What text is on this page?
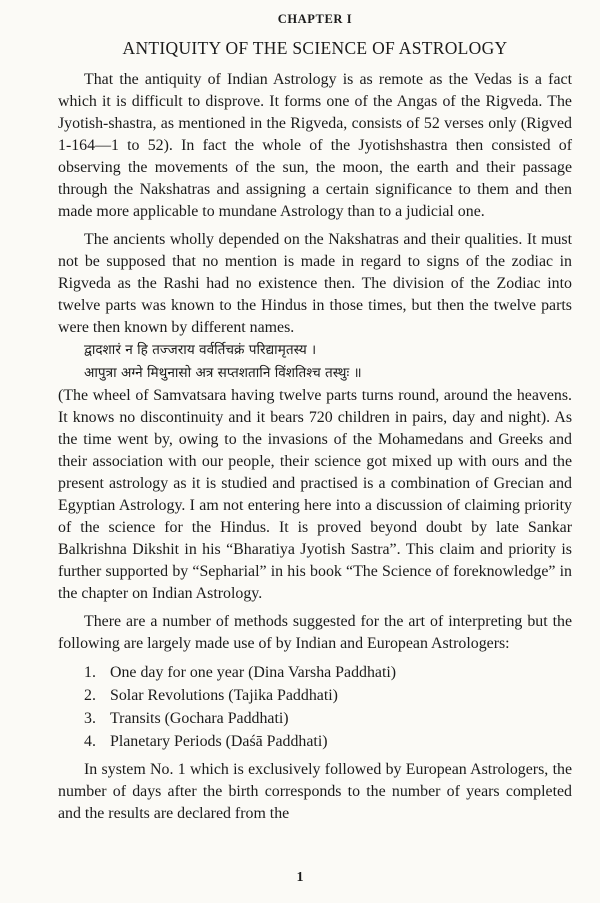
CHAPTER I
ANTIQUITY OF THE SCIENCE OF ASTROLOGY

That the antiquity of Indian Astrology is as remote as the Vedas is a fact which it is difficult to disprove. It forms one of the Angas of the Rigveda. The Jyotish-shastra, as mentioned in the Rigveda, consists of 52 verses only (Rigved 1-164—1 to 52). In fact the whole of the Jyotishshastra then consisted of observing the movements of the sun, the moon, the earth and their passage through the Nakshatras and assigning a certain significance to them and then made more applicable to mundane Astrology than to a judicial one.

The ancients wholly depended on the Nakshatras and their qualities. It must not be supposed that no mention is made in regard to signs of the zodiac in Rigveda as the Rashi had no existence then. The division of the Zodiac into twelve parts was known to the Hindus in those times, but then the twelve parts were then known by different names.

द्वादशारं न हि तज्जराय वर्वर्तिचक्रं परिद्यामृतस्य ।
आपुत्रा अग्ने मिथुनासो अत्र सप्तशतानि विंशतिश्च तस्थुः ॥

(The wheel of Samvatsara having twelve parts turns round, around the heavens. It knows no discontinuity and it bears 720 children in pairs, day and night). As the time went by, owing to the invasions of the Mohamedans and Greeks and their association with our people, their science got mixed up with ours and the present astrology as it is studied and practised is a combination of Grecian and Egyptian Astrology. I am not entering here into a discussion of claiming priority of the science for the Hindus. It is proved beyond doubt by late Sankar Balkrishna Dikshit in his “Bharatiya Jyotish Sastra”. This claim and priority is further supported by “Sepharial” in his book “The Science of foreknowledge” in the chapter on Indian Astrology.

There are a number of methods suggested for the art of interpreting but the following are largely made use of by Indian and European Astrologers:

1. One day for one year (Dina Varsha Paddhati)
2. Solar Revolutions (Tajika Paddhati)
3. Transits (Gochara Paddhati)
4. Planetary Periods (Daśā Paddhati)

In system No. 1 which is exclusively followed by European Astrologers, the number of days after the birth corresponds to the number of years completed and the results are declared from the

1
